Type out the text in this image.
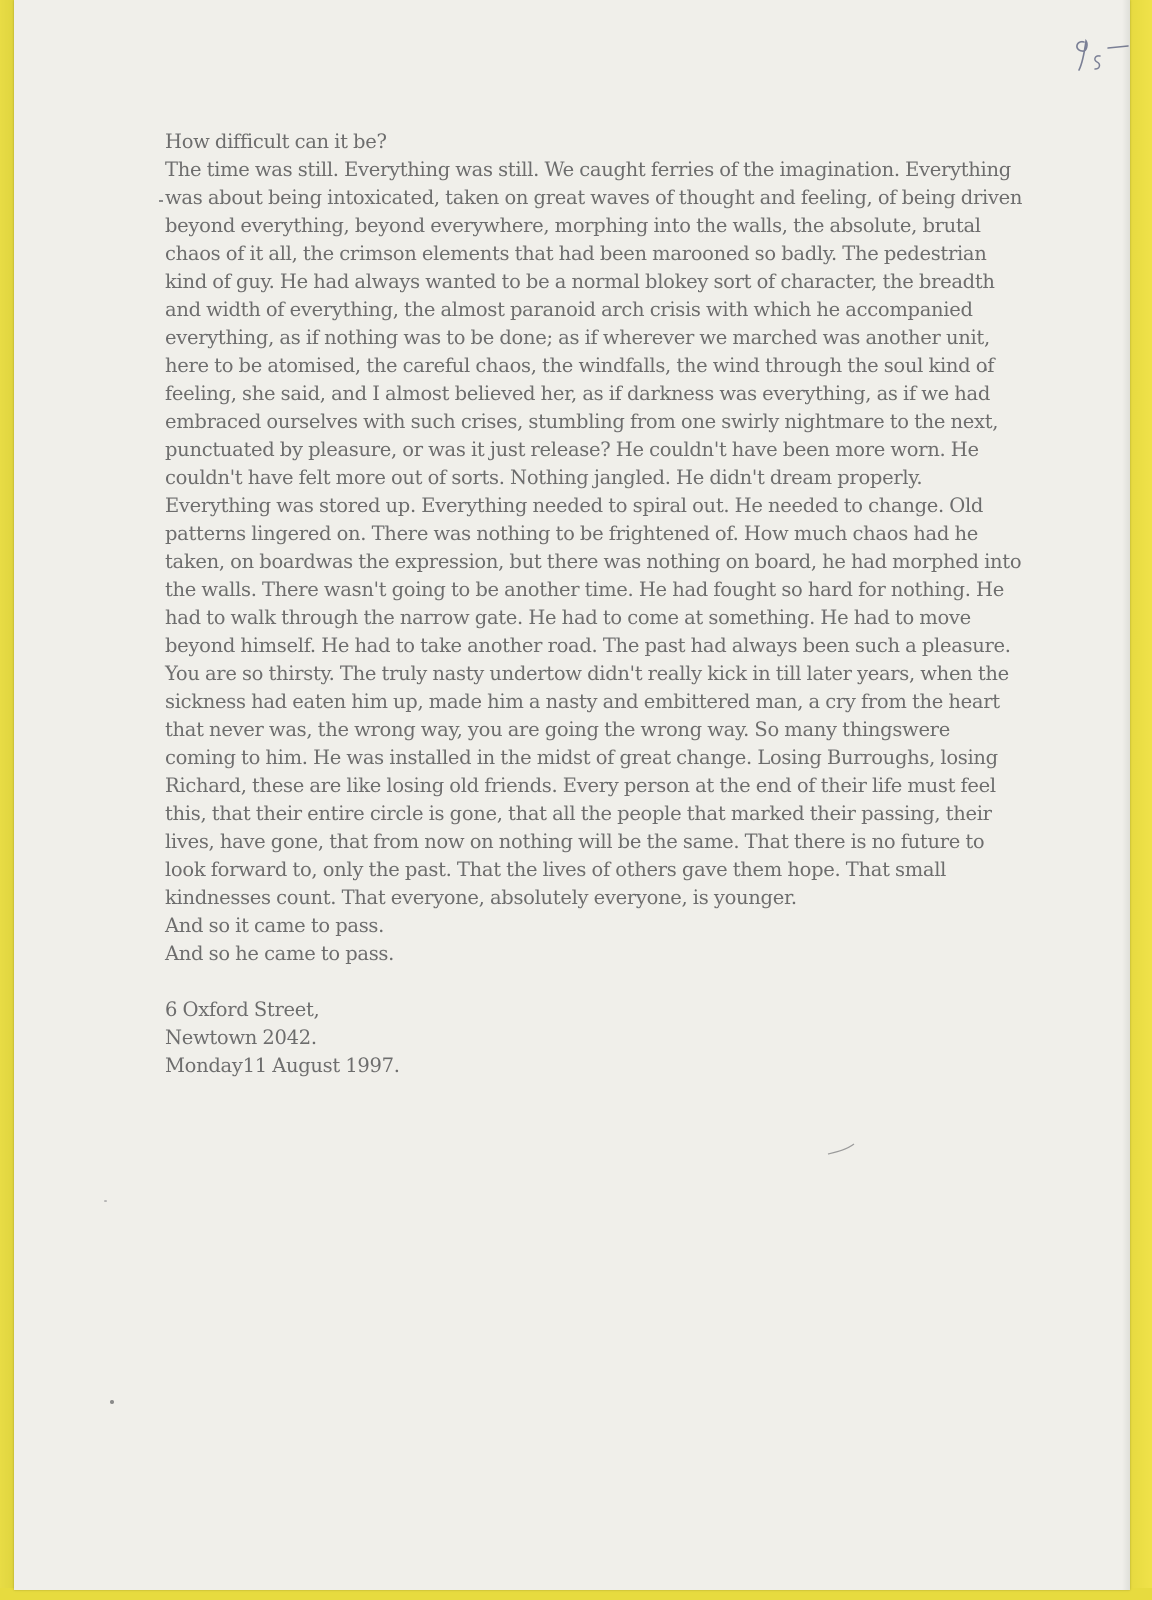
How difficult can it be?

The time was still. Everything was still. We caught ferries of the imagination. Everything was about being intoxicated, taken on great waves of thought and feeling, of being driven beyond everything, beyond everywhere, morphing into the walls, the absolute, brutal chaos of it all, the crimson elements that had been marooned so badly. The pedestrian kind of guy. He had always wanted to be a normal blokey sort of character, the breadth and width of everything, the almost paranoid arch crisis with which he accompanied everything, as if nothing was to be done; as if wherever we marched was another unit, here to be atomised, the careful chaos, the windfalls, the wind through the soul kind of feeling, she said, and I almost believed her, as if darkness was everything, as if we had embraced ourselves with such crises, stumbling from one swirly nightmare to the next, punctuated by pleasure, or was it just release? He couldn't have been more worn. He couldn't have felt more out of sorts. Nothing jangled. He didn't dream properly. Everything was stored up. Everything needed to spiral out. He needed to change. Old patterns lingered on. There was nothing to be frightened of. How much chaos had he taken, on boardwas the expression, but there was nothing on board, he had morphed into the walls. There wasn't going to be another time. He had fought so hard for nothing. He had to walk through the narrow gate. He had to come at something. He had to move beyond himself. He had to take another road. The past had always been such a pleasure. You are so thirsty. The truly nasty undertow didn't really kick in till later years, when the sickness had eaten him up, made him a nasty and embittered man, a cry from the heart that never was, the wrong way, you are going the wrong way. So many thingswere coming to him. He was installed in the midst of great change. Losing Burroughs, losing Richard, these are like losing old friends. Every person at the end of their life must feel this, that their entire circle is gone, that all the people that marked their passing, their lives, have gone, that from now on nothing will be the same. That there is no future to look forward to, only the past. That the lives of others gave them hope. That small kindnesses count. That everyone, absolutely everyone, is younger.

And so it came to pass.

And so he came to pass.

6 Oxford Street,
Newtown 2042.
Monday11 August 1997.
